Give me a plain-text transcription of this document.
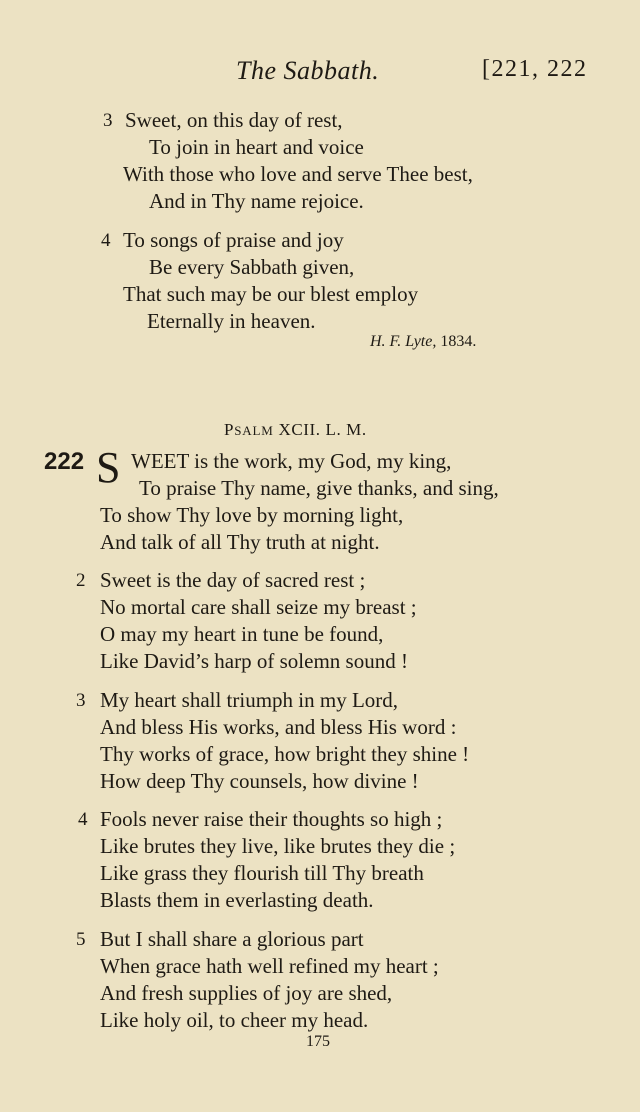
The Sabbath.	[221, 222
3 Sweet, on this day of rest,
To join in heart and voice
With those who love and serve Thee best,
And in Thy name rejoice.
4 To songs of praise and joy
Be every Sabbath given,
That such may be our blest employ
Eternally in heaven.
H. F. Lyte, 1834.
PSALM XCII. L. M.
222 S WEET is the work, my God, my king,
To praise Thy name, give thanks, and sing,
To show Thy love by morning light,
And talk of all Thy truth at night.
2 Sweet is the day of sacred rest ;
No mortal care shall seize my breast ;
O may my heart in tune be found,
Like David’s harp of solemn sound !
3 My heart shall triumph in my Lord,
And bless His works, and bless His word :
Thy works of grace, how bright they shine !
How deep Thy counsels, how divine !
4 Fools never raise their thoughts so high ;
Like brutes they live, like brutes they die ;
Like grass they flourish till Thy breath
Blasts them in everlasting death.
5 But I shall share a glorious part
When grace hath well refined my heart ;
And fresh supplies of joy are shed,
Like holy oil, to cheer my head.
175
